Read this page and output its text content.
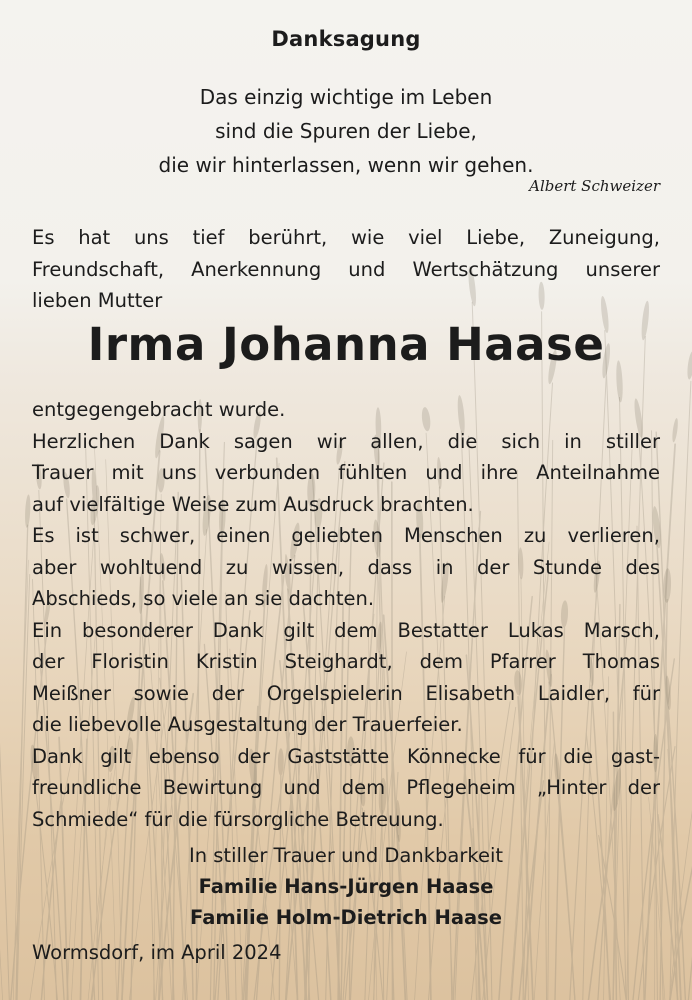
Danksagung
Das einzig wichtige im Leben
sind die Spuren der Liebe,
die wir hinterlassen, wenn wir gehen.
Albert Schweizer
Es hat uns tief berührt, wie viel Liebe, Zuneigung,
Freundschaft, Anerkennung und Wertschätzung unserer
lieben Mutter
Irma Johanna Haase
entgegengebracht wurde.
Herzlichen Dank sagen wir allen, die sich in stiller
Trauer mit uns verbunden fühlten und ihre Anteilnahme
auf vielfältige Weise zum Ausdruck brachten.
Es ist schwer, einen geliebten Menschen zu verlieren,
aber wohltuend zu wissen, dass in der Stunde des
Abschieds, so viele an sie dachten.
Ein besonderer Dank gilt dem Bestatter Lukas Marsch,
der Floristin Kristin Steighardt, dem Pfarrer Thomas
Meißner sowie der Orgelspielerin Elisabeth Laidler, für
die liebevolle Ausgestaltung der Trauerfeier.
Dank gilt ebenso der Gaststätte Könnecke für die gast-
freundliche Bewirtung und dem Pflegeheim „Hinter der
Schmiede“ für die fürsorgliche Betreuung.
In stiller Trauer und Dankbarkeit
Familie Hans-Jürgen Haase
Familie Holm-Dietrich Haase
Wormsdorf, im April 2024
